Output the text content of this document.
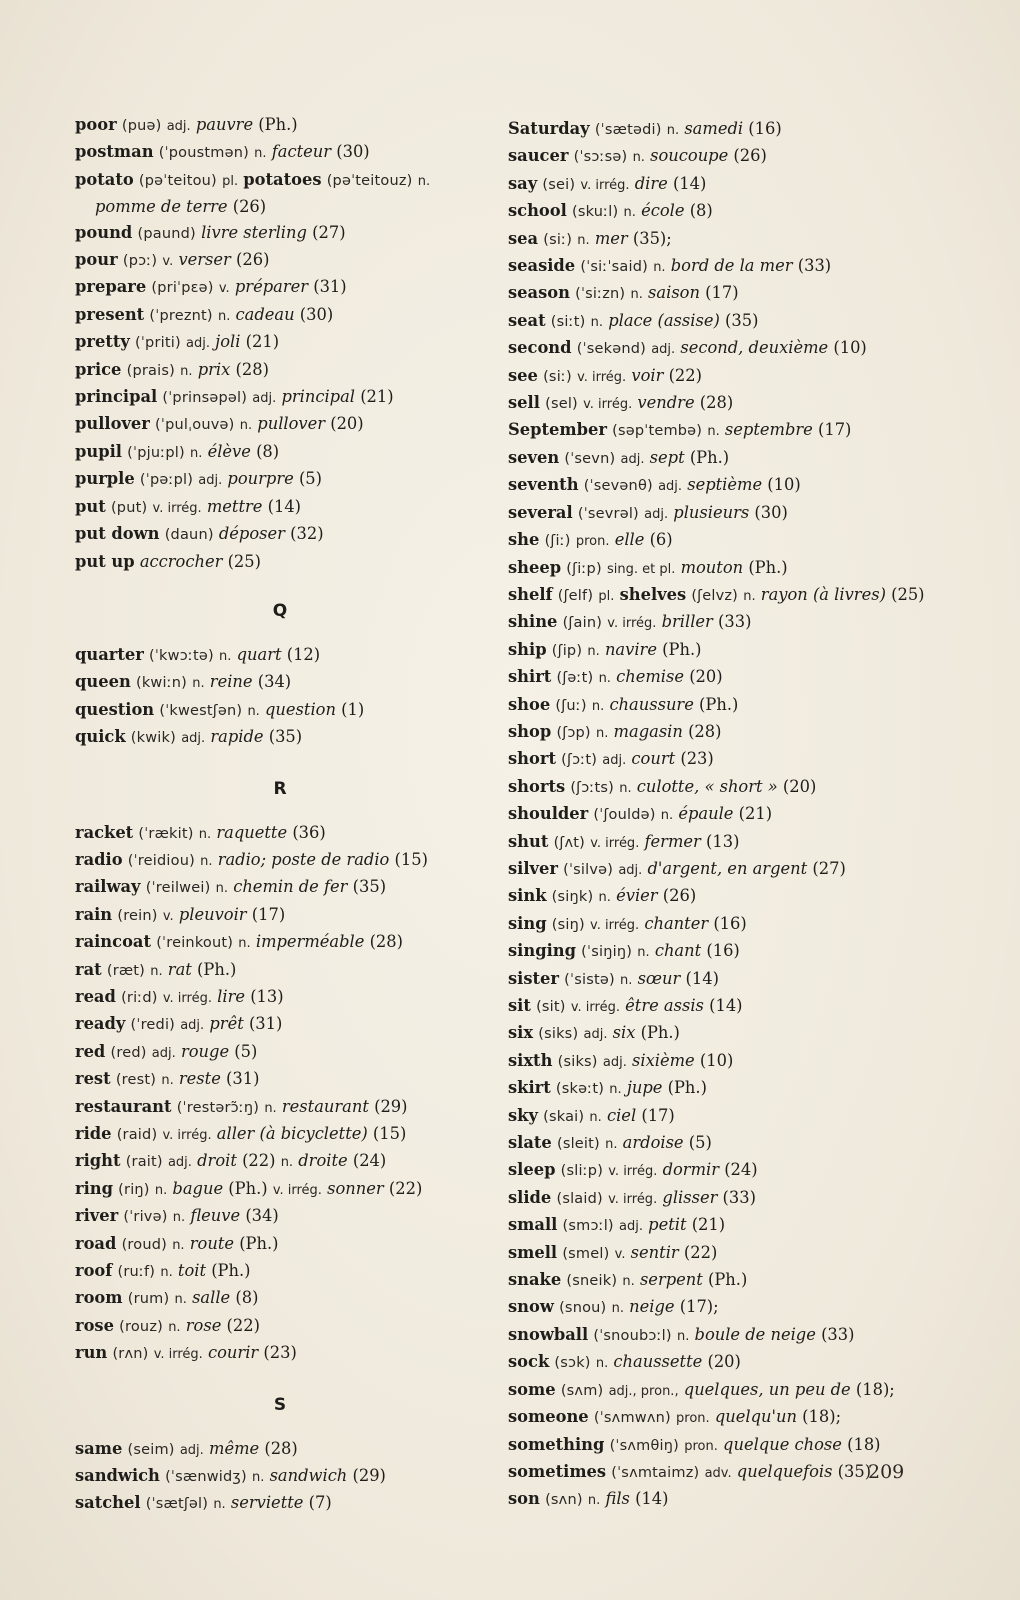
poor (puə) adj. pauvre (Ph.)
postman (ˈpoustmən) n. facteur (30)
potato (pəˈteitou) pl. potatoes (pəˈteitouz) n. pomme de terre (26)
pound (paund) livre sterling (27)
pour (pɔː) v. verser (26)
prepare (priˈpɛə) v. préparer (31)
present (ˈpreznt) n. cadeau (30)
pretty (ˈpriti) adj. joli (21)
price (prais) n. prix (28)
principal (ˈprinsəpəl) adj. principal (21)
pullover (ˈpulˌouvə) n. pullover (20)
pupil (ˈpjuːpl) n. élève (8)
purple (ˈpəːpl) adj. pourpre (5)
put (put) v. irrég. mettre (14)
put down (daun) déposer (32)
put up accrocher (25)
Q
quarter (ˈkwɔːtə) n. quart (12)
queen (kwiːn) n. reine (34)
question (ˈkwestʃən) n. question (1)
quick (kwik) adj. rapide (35)
R
racket (ˈrækit) n. raquette (36)
radio (ˈreidiou) n. radio; poste de radio (15)
railway (ˈreilwei) n. chemin de fer (35)
rain (rein) v. pleuvoir (17)
raincoat (ˈreinkout) n. imperméable (28)
rat (ræt) n. rat (Ph.)
read (riːd) v. irrég. lire (13)
ready (ˈredi) adj. prêt (31)
red (red) adj. rouge (5)
rest (rest) n. reste (31)
restaurant (ˈrestərɔ̃ːŋ) n. restaurant (29)
ride (raid) v. irrég. aller (à bicyclette) (15)
right (rait) adj. droit (22) n. droite (24)
ring (riŋ) n. bague (Ph.) v. irrég. sonner (22)
river (ˈrivə) n. fleuve (34)
road (roud) n. route (Ph.)
roof (ruːf) n. toit (Ph.)
room (rum) n. salle (8)
rose (rouz) n. rose (22)
run (rʌn) v. irrég. courir (23)
S
same (seim) adj. même (28)
sandwich (ˈsænwidʒ) n. sandwich (29)
satchel (ˈsætʃəl) n. serviette (7)
Saturday (ˈsætədi) n. samedi (16)
saucer (ˈsɔːsə) n. soucoupe (26)
say (sei) v. irrég. dire (14)
school (skuːl) n. école (8)
sea (siː) n. mer (35);
seaside (ˈsiːˈsaid) n. bord de la mer (33)
season (ˈsiːzn) n. saison (17)
seat (siːt) n. place (assise) (35)
second (ˈsekənd) adj. second, deuxième (10)
see (siː) v. irrég. voir (22)
sell (sel) v. irrég. vendre (28)
September (səpˈtembə) n. septembre (17)
seven (ˈsevn) adj. sept (Ph.)
seventh (ˈsevənθ) adj. septième (10)
several (ˈsevrəl) adj. plusieurs (30)
she (ʃiː) pron. elle (6)
sheep (ʃiːp) sing. et pl. mouton (Ph.)
shelf (ʃelf) pl. shelves (ʃelvz) n. rayon (à livres) (25)
shine (ʃain) v. irrég. briller (33)
ship (ʃip) n. navire (Ph.)
shirt (ʃəːt) n. chemise (20)
shoe (ʃuː) n. chaussure (Ph.)
shop (ʃɔp) n. magasin (28)
short (ʃɔːt) adj. court (23)
shorts (ʃɔːts) n. culotte, « short » (20)
shoulder (ˈʃouldə) n. épaule (21)
shut (ʃʌt) v. irrég. fermer (13)
silver (ˈsilvə) adj. d'argent, en argent (27)
sink (siŋk) n. évier (26)
sing (siŋ) v. irrég. chanter (16)
singing (ˈsiŋiŋ) n. chant (16)
sister (ˈsistə) n. sœur (14)
sit (sit) v. irrég. être assis (14)
six (siks) adj. six (Ph.)
sixth (siks) adj. sixième (10)
skirt (skəːt) n. jupe (Ph.)
sky (skai) n. ciel (17)
slate (sleit) n. ardoise (5)
sleep (sliːp) v. irrég. dormir (24)
slide (slaid) v. irrég. glisser (33)
small (smɔːl) adj. petit (21)
smell (smel) v. sentir (22)
snake (sneik) n. serpent (Ph.)
snow (snou) n. neige (17);
snowball (ˈsnoubɔːl) n. boule de neige (33)
sock (sɔk) n. chaussette (20)
some (sʌm) adj., pron., quelques, un peu de (18);
someone (ˈsʌmwʌn) pron. quelqu'un (18);
something (ˈsʌmθiŋ) pron. quelque chose (18)
sometimes (ˈsʌmtaimz) adv. quelquefois (35)
son (sʌn) n. fils (14)
209
